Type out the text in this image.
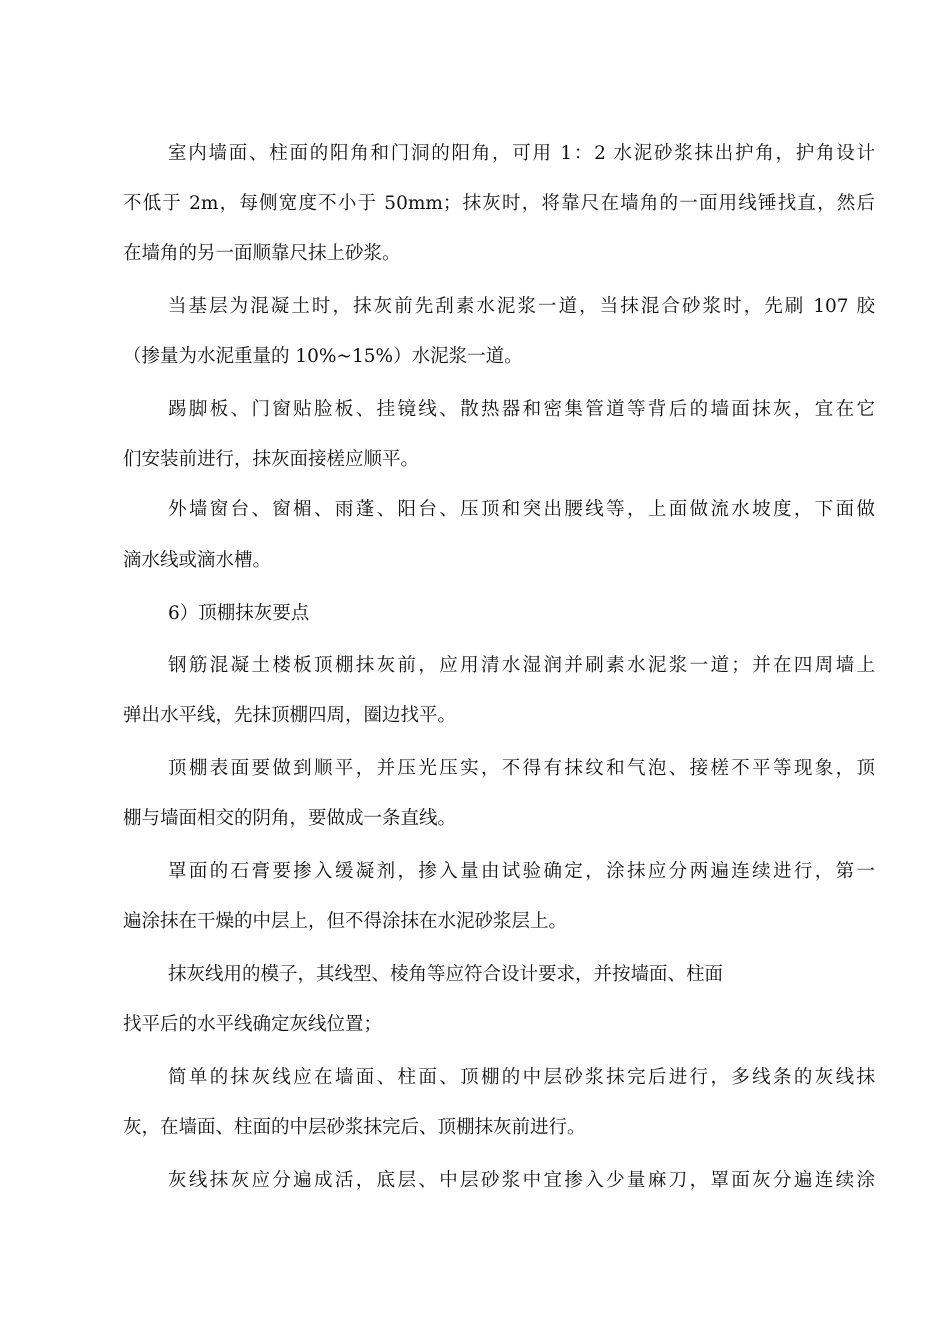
室内墙面、柱面的阳角和门洞的阳角，可用 1：2 水泥砂浆抹出护角，护角设计
不低于 2m，每侧宽度不小于 50mm；抹灰时，将靠尺在墙角的一面用线锤找直，然后
在墙角的另一面顺靠尺抹上砂浆。
当基层为混凝土时，抹灰前先刮素水泥浆一道，当抹混合砂浆时，先刷 107 胶
（掺量为水泥重量的 10%~15%）水泥浆一道。
踢脚板、门窗贴脸板、挂镜线、散热器和密集管道等背后的墙面抹灰，宜在它
们安装前进行，抹灰面接槎应顺平。
外墙窗台、窗楣、雨蓬、阳台、压顶和突出腰线等，上面做流水坡度，下面做
滴水线或滴水槽。
6）顶棚抹灰要点
钢筋混凝土楼板顶棚抹灰前，应用清水湿润并刷素水泥浆一道；并在四周墙上
弹出水平线，先抹顶棚四周，圈边找平。
顶棚表面要做到顺平，并压光压实，不得有抹纹和气泡、接槎不平等现象，顶
棚与墙面相交的阴角，要做成一条直线。
罩面的石膏要掺入缓凝剂，掺入量由试验确定，涂抹应分两遍连续进行，第一
遍涂抹在干燥的中层上，但不得涂抹在水泥砂浆层上。
抹灰线用的模子，其线型、棱角等应符合设计要求，并按墙面、柱面
找平后的水平线确定灰线位置；
简单的抹灰线应在墙面、柱面、顶棚的中层砂浆抹完后进行，多线条的灰线抹
灰，在墙面、柱面的中层砂浆抹完后、顶棚抹灰前进行。
灰线抹灰应分遍成活，底层、中层砂浆中宜掺入少量麻刀，罩面灰分遍连续涂
